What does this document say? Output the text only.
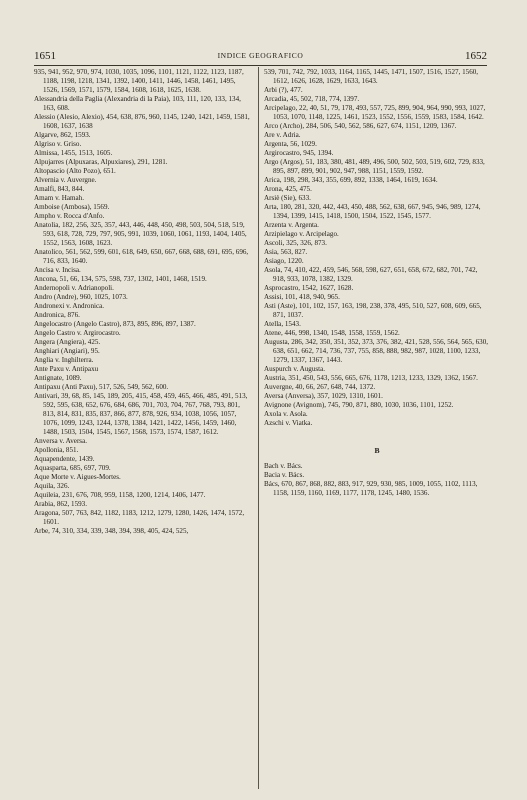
1651	INDICE GEOGRAFICO	1652

935, 941, 952, 970, 974, 1030, 1035, 1096, 1101, 1121, 1122, 1123, 1187, 1188, 1198, 1218, 1341, 1392, 1400, 1411, 1446, 1458, 1461, 1495, 1526, 1569, 1571, 1579, 1584, 1608, 1618, 1625, 1638.

Alessandria della Paglia (Alexandria di la Paia), 103, 111, 120, 133, 134, 163, 608.

Alessio (Alesio, Alexio), 454, 638, 876, 960, 1145, 1240, 1421, 1459, 1581, 1608, 1637, 1638

Algarve, 862, 1593.

Algriso v. Griso.

Almissa, 1455, 1513, 1605.

Alpujarres (Alpuxaras, Alpuxiares), 291, 1281.

Altopascio (Alto Pozo), 651.

Alvernia v. Auvergne.

Amalfi, 843, 844.

Amam v. Hamah.

Amboise (Ambosa), 1569.

Ampho v. Rocca d'Anfo.

Anatolia, 182, 256, 325, 357, 443, 446, 448, 450, 498, 503, 504, 518, 519, 593, 618, 728, 729, 797, 905, 991, 1039, 1060, 1061, 1193, 1404, 1405, 1552, 1563, 1608, 1623.

Anatolico, 561, 562, 599, 601, 618, 649, 650, 667, 668, 688, 691, 695, 696, 716, 833, 1640.

Ancisa v. Incisa.

Ancona, 51, 66, 134, 575, 598, 737, 1302, 1401, 1468, 1519.

Andernopoli v. Adrianopoli.

Andro (Andre), 960, 1025, 1073.

Andronexi v. Andronica.

Andronica, 876.

Angelocastro (Angelo Castro), 873, 895, 896, 897, 1387.

Angelo Castro v. Argirocastro.

Angera (Angiera), 425.

Anghiari (Angiari), 95.

Anglia v. Inghilterra.

Ante Paxu v. Antipaxu

Antignate, 1089.

Antipaxu (Anti Paxu), 517, 526, 549, 562, 600.

Antivari, 39, 68, 85, 145, 189, 205, 415, 458, 459, 465, 466, 485, 491, 513, 592, 595, 638, 652, 676, 684, 686, 701, 703, 704, 767, 768, 793, 801, 813, 814, 831, 835, 837, 866, 877, 878, 926, 934, 1038, 1056, 1057, 1076, 1099, 1243, 1244, 1378, 1384, 1421, 1422, 1456, 1459, 1460, 1488, 1503, 1504, 1545, 1567, 1568, 1573, 1574, 1587, 1612.

Anversa v. Aversa.

Apollonia, 851.

Aquapendente, 1439.

Aquasparta, 685, 697, 709.

Aque Morte v. Aigues-Mortes.

Aquila, 326.

Aquileia, 231, 676, 708, 959, 1158, 1200, 1214, 1406, 1477.

Arabia, 862, 1593.

Aragona, 507, 763, 842, 1182, 1183, 1212, 1279, 1280, 1426, 1474, 1572, 1601.

Arbe, 74, 310, 334, 339, 348, 394, 398, 405, 424, 525,

539, 701, 742, 792, 1033, 1164, 1165, 1445, 1471, 1507, 1516, 1527, 1560, 1612, 1626, 1628, 1629, 1633, 1643.

Arbi (?), 477.

Arcadia, 45, 502, 718, 774, 1397.

Arcipelago, 22, 40, 51, 79, 178, 493, 557, 725, 899, 904, 964, 990, 993, 1027, 1053, 1070, 1148, 1225, 1461, 1523, 1552, 1556, 1559, 1583, 1584, 1642.

Arco (Archo), 284, 506, 540, 562, 586, 627, 674, 1151, 1209, 1367.

Are v. Adria.

Argenta, 56, 1029.

Argirocastro, 945, 1394.

Argo (Argos), 51, 183, 380, 481, 489, 496, 500, 502, 503, 519, 602, 729, 833, 895, 897, 899, 901, 902, 947, 988, 1151, 1559, 1592.

Arica, 198, 298, 343, 355, 699, 892, 1338, 1464, 1619, 1634.

Arona, 425, 475.

Arsiè (Sie), 633.

Arta, 180, 281, 320, 442, 443, 450, 488, 562, 638, 667, 945, 946, 989, 1274, 1394, 1399, 1415, 1418, 1500, 1504, 1522, 1545, 1577.

Arzenta v. Argenta.

Arzipielago v. Arcipelago.

Ascoli, 325, 326, 873.

Asia, 563, 827.

Asiago, 1220.

Asola, 74, 410, 422, 459, 546, 568, 598, 627, 651, 658, 672, 682, 701, 742, 918, 933, 1078, 1382, 1329.

Asprocastro, 1542, 1627, 1628.

Assisi, 101, 418, 940, 965.

Asti (Aste), 101, 102, 157, 163, 198, 238, 378, 495, 510, 527, 608, 609, 665, 871, 1037.

Atella, 1543.

Atene, 446, 998, 1340, 1548, 1558, 1559, 1562.

Augusta, 286, 342, 350, 351, 352, 373, 376, 382, 421, 528, 556, 564, 565, 630, 638, 651, 662, 714, 736, 737, 755, 858, 888, 982, 987, 1028, 1100, 1233, 1279, 1337, 1367, 1443.

Auspurch v. Augusta.

Austria, 351, 450, 543, 556, 665, 676, 1178, 1213, 1233, 1329, 1362, 1567.

Auvergne, 40, 66, 267, 648, 744, 1372.

Aversa (Anversa), 357, 1029, 1310, 1601.

Avignone (Avignom), 745, 790, 871, 880, 1030, 1036, 1101, 1252.

Axola v. Asola.

Azschi v. Viatka.

B

Bach v. Bács.

Bacia v. Bács.

Bács, 670, 867, 868, 882, 883, 917, 929, 930, 985, 1009, 1055, 1102, 1113, 1158, 1159, 1160, 1169, 1177, 1178, 1245, 1480, 1536.
